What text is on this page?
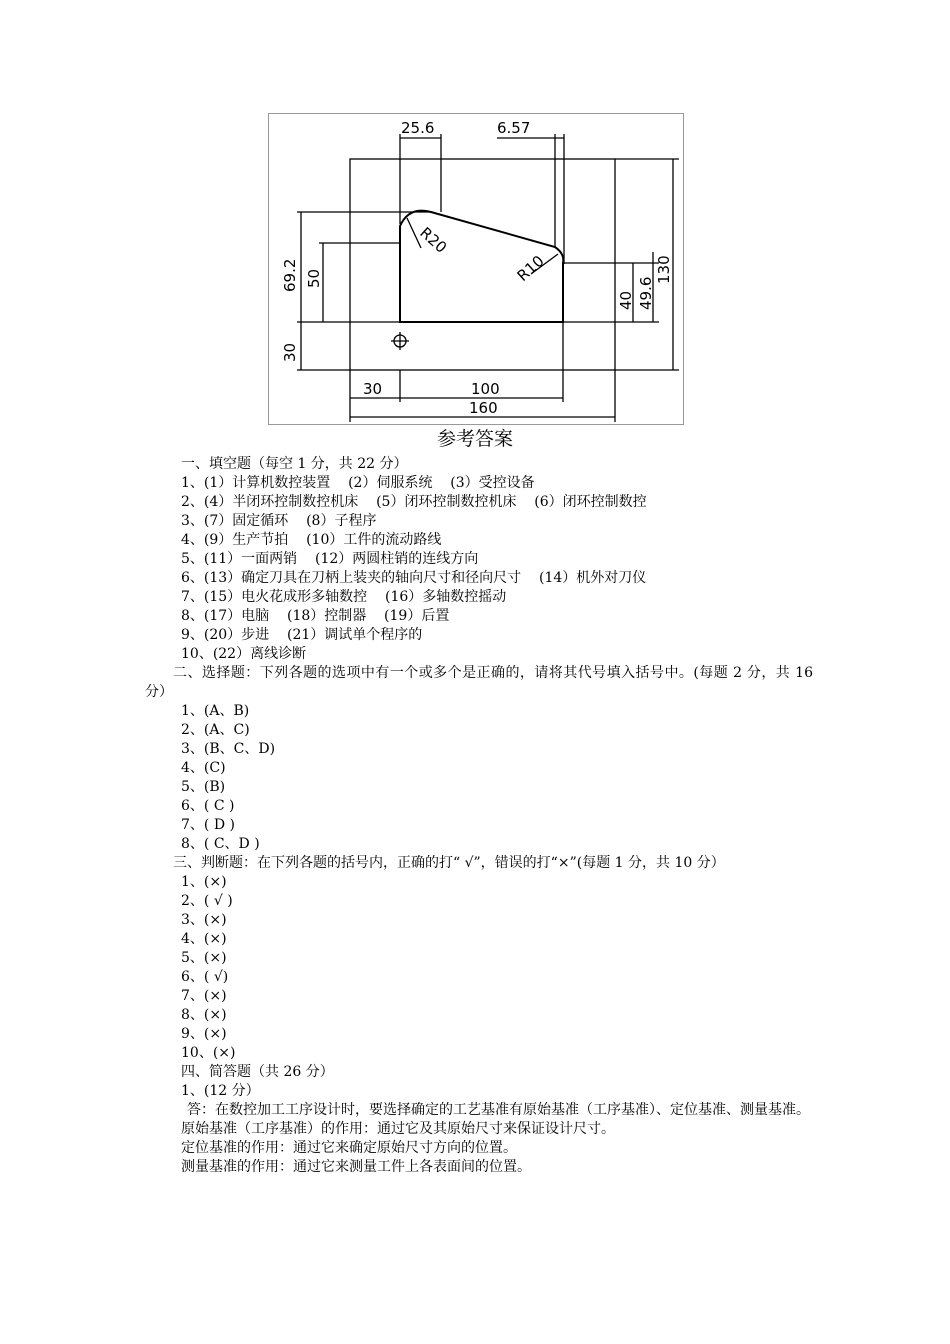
25.6	6.57
R20
R10
69.2 50
30
130
49.6
40
30	100
160
参考答案
一、填空题（每空 1 分，共 22 分）
1、(1）计算机数控装置    (2）伺服系统    (3）受控设备
2、(4）半闭环控制数控机床    (5）闭环控制数控机床    (6）闭环控制数控
3、(7）固定循环    (8）子程序
4、(9）生产节拍    (10）工件的流动路线
5、(11）一面两销    (12）两圆柱销的连线方向
6、(13）确定刀具在刀柄上装夹的轴向尺寸和径向尺寸    (14）机外对刀仪
7、(15）电火花成形多轴数控    (16）多轴数控摇动
8、(17）电脑    (18）控制器    (19）后置
9、(20）步进    (21）调试单个程序的
10、(22）离线诊断
二、选择题：下列各题的选项中有一个或多个是正确的，请将其代号填入括号中。(每题 2 分，共 16 分）
1、(A、B)
2、(A、C)
3、(B、C、D)
4、(C)
5、(B)
6、( C )
7、( D )
8、( C、D )
三、判断题：在下列各题的括号内，正确的打“ √”，错误的打“×”(每题 1 分，共 10 分）
1、(×)
2、( √ )
3、(×)
4、(×)
5、(×)
6、( √)
7、(×)
8、(×)
9、(×)
10、(×)
四、简答题（共 26 分）
1、(12 分）
答：在数控加工工序设计时，要选择确定的工艺基准有原始基准（工序基准）、定位基准、测量基准。
原始基准（工序基准）的作用：通过它及其原始尺寸来保证设计尺寸。
定位基准的作用：通过它来确定原始尺寸方向的位置。
测量基准的作用：通过它来测量工件上各表面间的位置。
